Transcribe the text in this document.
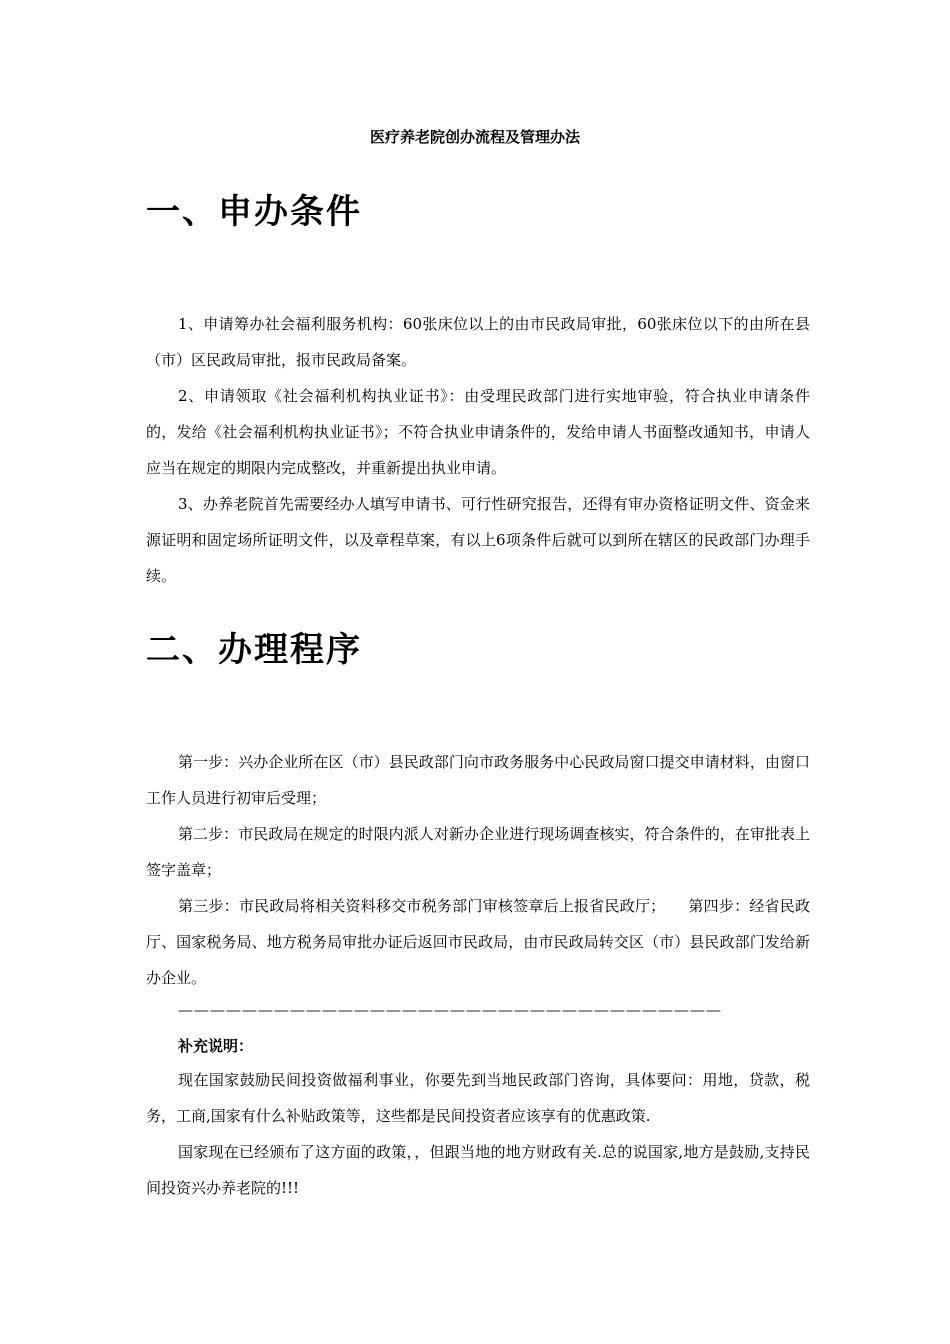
医疗养老院创办流程及管理办法
一、申办条件

1、申请筹办社会福利服务机构：60张床位以上的由市民政局审批，60张床位以下的由所在县（市）区民政局审批，报市民政局备案。

2、申请领取《社会福利机构执业证书》：由受理民政部门进行实地审验，符合执业申请条件的，发给《社会福利机构执业证书》；不符合执业申请条件的，发给申请人书面整改通知书，申请人应当在规定的期限内完成整改，并重新提出执业申请。

3、办养老院首先需要经办人填写申请书、可行性研究报告，还得有审办资格证明文件、资金来源证明和固定场所证明文件，以及章程草案，有以上6项条件后就可以到所在辖区的民政部门办理手续。

二、办理程序

第一步：兴办企业所在区（市）县民政部门向市政务服务中心民政局窗口提交申请材料，由窗口工作人员进行初审后受理；

第二步：市民政局在规定的时限内派人对新办企业进行现场调查核实，符合条件的，在审批表上签字盖章；

第三步：市民政局将相关资料移交市税务部门审核签章后上报省民政厅；　　第四步：经省民政厅、国家税务局、地方税务局审批办证后返回市民政局，由市民政局转交区（市）县民政部门发给新办企业。

——————————————————————————————————
补充说明：

现在国家鼓励民间投资做福利事业，你要先到当地民政部门咨询，具体要问：用地，贷款，税务，工商,国家有什么补贴政策等，这些都是民间投资者应该享有的优惠政策.

国家现在已经颁布了这方面的政策，，但跟当地的地方财政有关.总的说国家,地方是鼓励,支持民间投资兴办养老院的!!!
